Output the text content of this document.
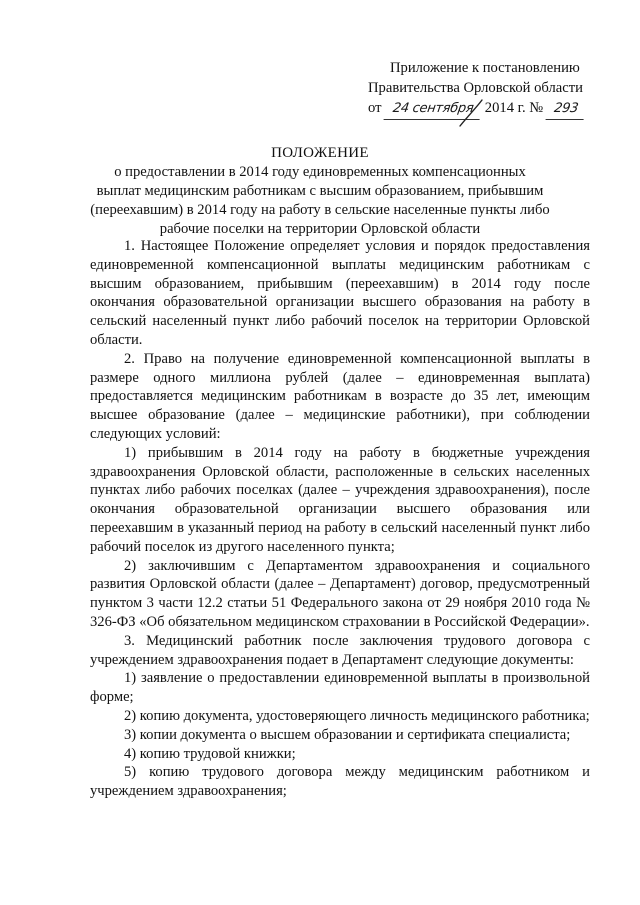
Приложение к постановлению
Правительства Орловской области
от 24 сентября 2014 г. № 293
ПОЛОЖЕНИЕ
о предоставлении в 2014 году единовременных компенсационных
выплат медицинским работникам с высшим образованием, прибывшим
(переехавшим) в 2014 году на работу в сельские населенные пункты либо
рабочие поселки на территории Орловской области

1. Настоящее Положение определяет условия и порядок предоставления единовременной компенсационной выплаты медицинским работникам с высшим образованием, прибывшим (переехавшим) в 2014 году после окончания образовательной организации высшего образования на работу в сельский населенный пункт либо рабочий поселок на территории Орловской области.

2. Право на получение единовременной компенсационной выплаты в размере одного миллиона рублей (далее – единовременная выплата) предоставляется медицинским работникам в возрасте до 35 лет, имеющим высшее образование (далее – медицинские работники), при соблюдении следующих условий:

1) прибывшим в 2014 году на работу в бюджетные учреждения здравоохранения Орловской области, расположенные в сельских населенных пунктах либо рабочих поселках (далее – учреждения здравоохранения), после окончания образовательной организации высшего образования или переехавшим в указанный период на работу в сельский населенный пункт либо рабочий поселок из другого населенного пункта;

2) заключившим с Департаментом здравоохранения и социального развития Орловской области (далее – Департамент) договор, предусмотренный пунктом 3 части 12.2 статьи 51 Федерального закона от 29 ноября 2010 года № 326-ФЗ «Об обязательном медицинском страховании в Российской Федерации».

3. Медицинский работник после заключения трудового договора с учреждением здравоохранения подает в Департамент следующие документы:

1) заявление о предоставлении единовременной выплаты в произвольной форме;

2) копию документа, удостоверяющего личность медицинского работника;

3) копии документа о высшем образовании и сертификата специалиста;

4) копию трудовой книжки;

5) копию трудового договора между медицинским работником и учреждением здравоохранения;
